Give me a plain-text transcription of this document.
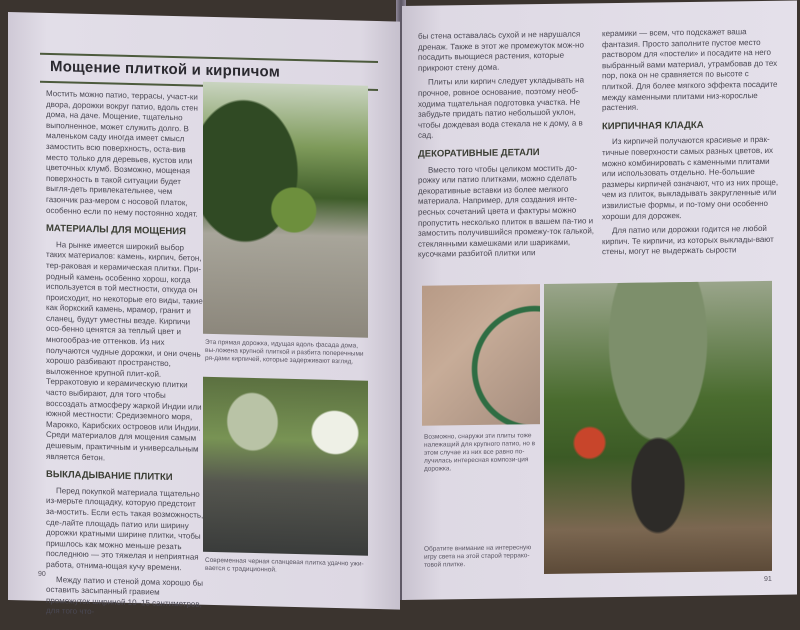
Мощение плиткой и кирпичом

Мостить можно патио, террасы, участ-ки двора, дорожки вокруг патио, вдоль стен дома, на даче. Мощение, тщательно выполненное, может служить долго. В маленьком саду иногда имеет смысл замостить всю поверхность, оста-вив место только для деревьев, кустов или цветочных клумб. Возможно, мощеная поверхность в такой ситуации будет выгля-деть привлекательнее, чем газончик раз-мером с носовой платок, особенно если по нему постоянно ходят.

МАТЕРИАЛЫ ДЛЯ МОЩЕНИЯ

На рынке имеется широкий выбор таких материалов: камень, кирпич, бетон, тер-раковая и керамическая плитки. При-родный камень особенно хорош, когда используется в той местности, откуда он происходит, но некоторые его виды, такие как йоркский камень, мрамор, гранит и сланец, будут уместны везде. Кирпичи осо-бенно ценятся за теплый цвет и многообраз-ие оттенков. Из них получаются чудные дорожки, и они очень хорошо разбивают пространство, выложенное крупной плит-кой. Терракотовую и керамическую плитки часто выбирают, для того чтобы воссоздать атмосферу жаркой Индии или южной местности: Средиземного моря, Марокко, Карибских островов или Индии. Среди материалов для мощения самым дешевым, практичным и универсальным является бетон.

ВЫКЛАДЫВАНИЕ ПЛИТКИ

Перед покупкой материала тщательно из-мерьте площадку, которую предстоит за-мостить. Если есть такая возможность, сде-лайте площадь патио или ширину дорожки кратными ширине плитки, чтобы пришлось как можно меньше резать последнюю — это тяжелая и неприятная работа, отнима-ющая кучу времени.

Между патио и стеной дома хорошо бы оставить засыпанный гравием промежуток шириной 10–15 сантиметров, для того что-

Эта прямая дорожка, идущая вдоль фасада дома, вы-ложена крупной плиткой и разбита поперечными ря-дами кирпичей, которые задерживают взгляд.
Современная черная сланцевая плитка удачно ужи-вается с традиционной.
90

бы стена оставалась сухой и не нарушался дренаж. Также в этот же промежуток мож-но посадить вьющиеся растения, которые прикроют стену дома.

Плиты или кирпич следует укладывать на прочное, ровное основание, поэтому необ-ходима тщательная подготовка участка. Не забудьте придать патио небольшой уклон, чтобы дождевая вода стекала не к дому, а в сад.

ДЕКОРАТИВНЫЕ ДЕТАЛИ

Вместо того чтобы целиком мостить до-рожку или патио плитками, можно сделать декоративные вставки из более мелкого материала. Например, для создания инте-ресных сочетаний цвета и фактуры можно пропустить несколько плиток в вашем па-тио и замостить получившийся промежу-ток галькой, стеклянными камешками или шариками, кусочками разбитой плитки или

керамики — всем, что подскажет ваша фантазия. Просто заполните пустое место раствором для «постели» и посадите на него выбранный вами материал, утрамбовав до тех пор, пока он не сравняется по высоте с плиткой. Для более мягкого эффекта посадите между каменными плитами низ-корослые растения.

КИРПИЧНАЯ КЛАДКА

Из кирпичей получаются красивые и прак-тичные поверхности самых разных цветов, их можно комбинировать с каменными плитами или использовать отдельно. Не-большие размеры кирпичей означают, что из них проще, чем из плиток, выкладывать закругленные или извилистые формы, и по-тому они особенно хороши для дорожек.

Для патио или дорожки годится не любой кирпич. Те кирпичи, из которых выклады-вают стены, могут не выдержать сырости

Возможно, снаружи эти плиты тоже належащий для крупного патио, но в этом случае из них все равно по-лучилась интересная компози-ция дорожка.
Обратите внимание на интересную игру света на этой старой террако-товой плитке.
91
